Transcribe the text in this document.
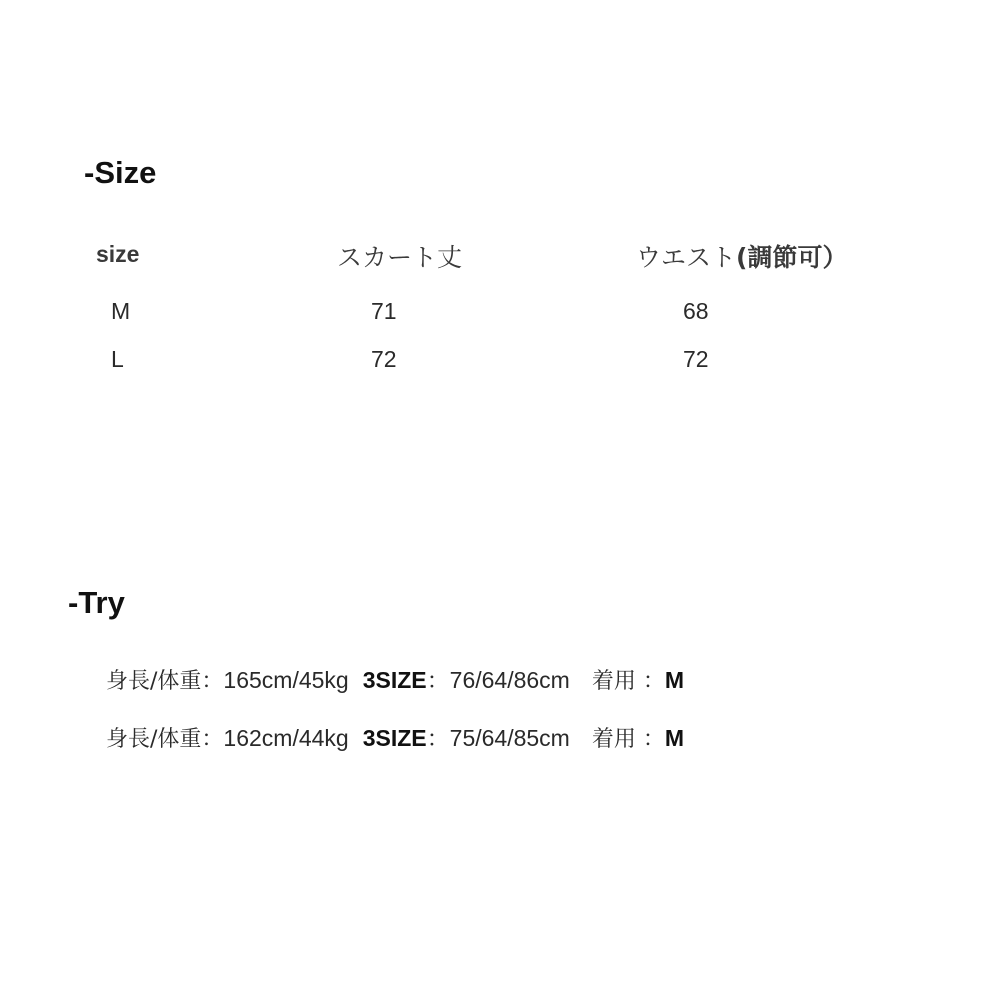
-Size
size	スカート丈	ウエスト(調節可）
M	71	68
L	72	72
-Try
身長/体重： 165cm/45kg 3SIZE ：76/64/86cm 着用 ： M
身長/体重： 162cm/44kg 3SIZE ：75/64/85cm 着用 ： M
